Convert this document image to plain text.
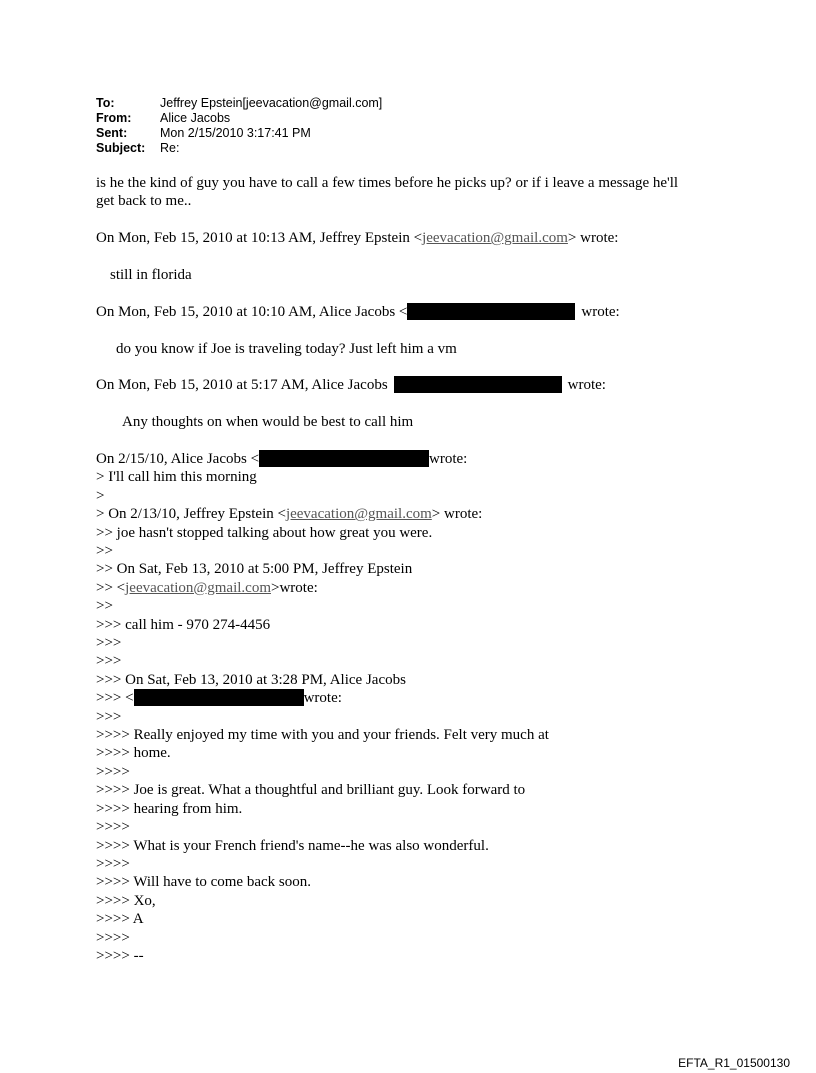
To:	Jeffrey Epstein[jeevacation@gmail.com]
From:	Alice Jacobs
Sent:	Mon 2/15/2010 3:17:41 PM
Subject:	Re:
is he the kind of guy you have to call a few times before he picks up? or if i leave a message he'll
get back to me..
On Mon, Feb 15, 2010 at 10:13 AM, Jeffrey Epstein <jeevacation@gmail.com> wrote:
still in florida
On Mon, Feb 15, 2010 at 10:10 AM, Alice Jacobs <	wrote:
do you know if Joe is traveling today? Just left him a vm
On Mon, Feb 15, 2010 at 5:17 AM, Alice Jacobs	wrote:
Any thoughts on when would be best to call him
On 2/15/10, Alice Jacobs <	wrote:
> I'll call him this morning
>
> On 2/13/10, Jeffrey Epstein <jeevacation@gmail.com> wrote:
>> joe hasn't stopped talking about how great you were.
>>
>> On Sat, Feb 13, 2010 at 5:00 PM, Jeffrey Epstein
>> <jeevacation@gmail.com>wrote:
>>
>>> call him - 970 274-4456
>>>
>>>
>>> On Sat, Feb 13, 2010 at 3:28 PM, Alice Jacobs
>>> <	wrote:
>>>
>>>> Really enjoyed my time with you and your friends. Felt very much at
>>>> home.
>>>>
>>>> Joe is great. What a thoughtful and brilliant guy. Look forward to
>>>> hearing from him.
>>>>
>>>> What is your French friend's name--he was also wonderful.
>>>>
>>>> Will have to come back soon.
>>>> Xo,
>>>> A
>>>>
>>>> --
EFTA_R1_01500130
